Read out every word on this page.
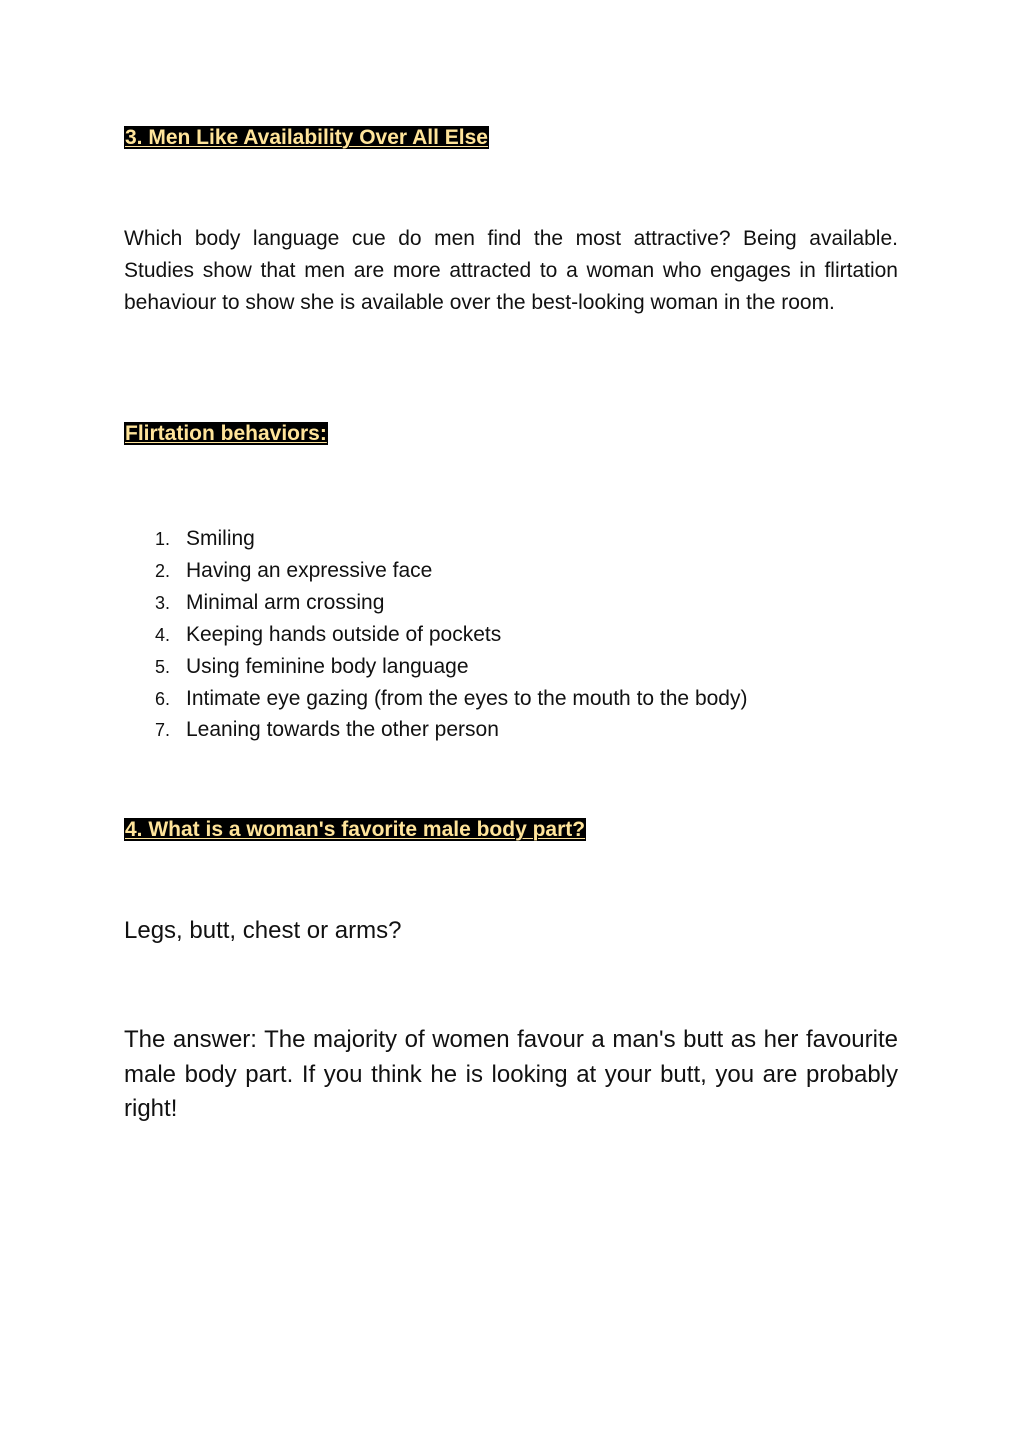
3. Men Like Availability Over All Else

Which body language cue do men find the most attractive? Being available. Studies show that men are more attracted to a woman who engages in flirtation behaviour to show she is available over the best-looking woman in the room.

Flirtation behaviors:
1. Smiling
2. Having an expressive face
3. Minimal arm crossing
4. Keeping hands outside of pockets
5. Using feminine body language
6. Intimate eye gazing (from the eyes to the mouth to the body)
7. Leaning towards the other person
4. What is a woman's favorite male body part?

Legs, butt, chest or arms?

The answer: The majority of women favour a man's butt as her favourite male body part. If you think he is looking at your butt, you are probably right!
